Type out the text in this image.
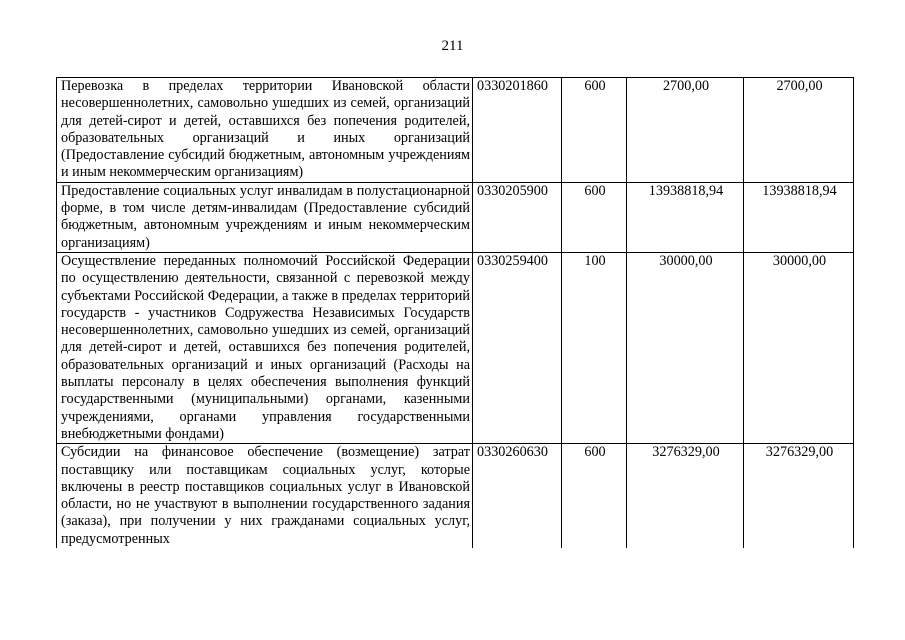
211
Перевозка в пределах территории Ивановской области несовершеннолетних, самовольно ушедших из семей, организаций для детей-сирот и детей, оставшихся без попечения родителей, образовательных организаций и иных организаций (Предоставление субсидий бюджетным, автономным учреждениям и иным некоммерческим организациям)	0330201860	600	2700,00	2700,00
Предоставление социальных услуг инвалидам в полустационарной форме, в том числе детям-инвалидам (Предоставление субсидий бюджетным, автономным учреждениям и иным некоммерческим организациям)	0330205900	600	13938818,94	13938818,94
Осуществление переданных полномочий Российской Федерации по осуществлению деятельности, связанной с перевозкой между субъектами Российской Федерации, а также в пределах территорий государств - участников Содружества Независимых Государств несовершеннолетних, самовольно ушедших из семей, организаций для детей-сирот и детей, оставшихся без попечения родителей, образовательных организаций и иных организаций (Расходы на выплаты персоналу в целях обеспечения выполнения функций государственными (муниципальными) органами, казенными учреждениями, органами управления государственными внебюджетными фондами)	0330259400	100	30000,00	30000,00
Субсидии на финансовое обеспечение (возмещение) затрат поставщику или поставщикам социальных услуг, которые включены в реестр поставщиков социальных услуг в Ивановской области, но не участвуют в выполнении государственного задания (заказа), при получении у них гражданами социальных услуг, предусмотренных	0330260630	600	3276329,00	3276329,00
